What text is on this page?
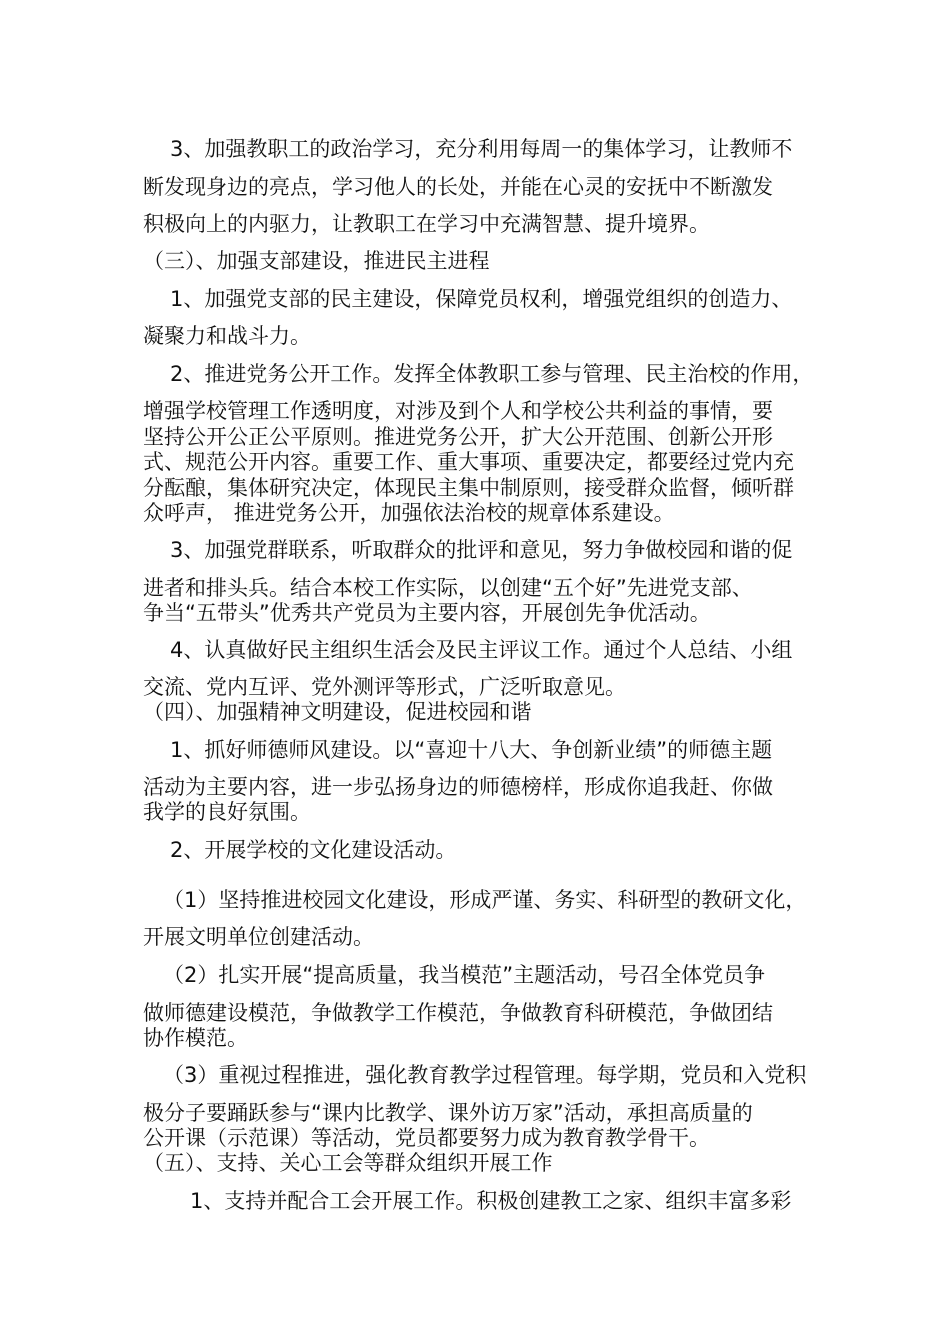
3、加强教职工的政治学习，充分利用每周一的集体学习，让教师不
断发现身边的亮点，学习他人的长处，并能在心灵的安抚中不断激发
积极向上的内驱力，让教职工在学习中充满智慧、提升境界。
（三）、加强支部建设，推进民主进程
1、加强党支部的民主建设，保障党员权利，增强党组织的创造力、
凝聚力和战斗力。
2、推进党务公开工作。发挥全体教职工参与管理、民主治校的作用，
增强学校管理工作透明度，对涉及到个人和学校公共利益的事情，要
坚持公开公正公平原则。推进党务公开，扩大公开范围、创新公开形
式、规范公开内容。重要工作、重大事项、重要决定，都要经过党内充
分酝酿，集体研究决定，体现民主集中制原则，接受群众监督，倾听群
众呼声， 推进党务公开，加强依法治校的规章体系建设。
3、加强党群联系，听取群众的批评和意见，努力争做校园和谐的促
进者和排头兵。结合本校工作实际，以创建“五个好”先进党支部、
争当“五带头”优秀共产党员为主要内容，开展创先争优活动。
4、认真做好民主组织生活会及民主评议工作。通过个人总结、小组
交流、党内互评、党外测评等形式，广泛听取意见。
（四）、加强精神文明建设，促进校园和谐
1、抓好师德师风建设。以“喜迎十八大、争创新业绩”的师德主题
活动为主要内容，进一步弘扬身边的师德榜样，形成你追我赶、你做
我学的良好氛围。
2、开展学校的文化建设活动。
（1）坚持推进校园文化建设，形成严谨、务实、科研型的教研文化，
开展文明单位创建活动。
（2）扎实开展“提高质量，我当模范”主题活动，号召全体党员争
做师德建设模范，争做教学工作模范，争做教育科研模范，争做团结
协作模范。
（3）重视过程推进，强化教育教学过程管理。每学期，党员和入党积
极分子要踊跃参与“课内比教学、课外访万家”活动，承担高质量的
公开课（示范课）等活动，党员都要努力成为教育教学骨干。
（五）、支持、关心工会等群众组织开展工作
1、支持并配合工会开展工作。积极创建教工之家、组织丰富多彩
